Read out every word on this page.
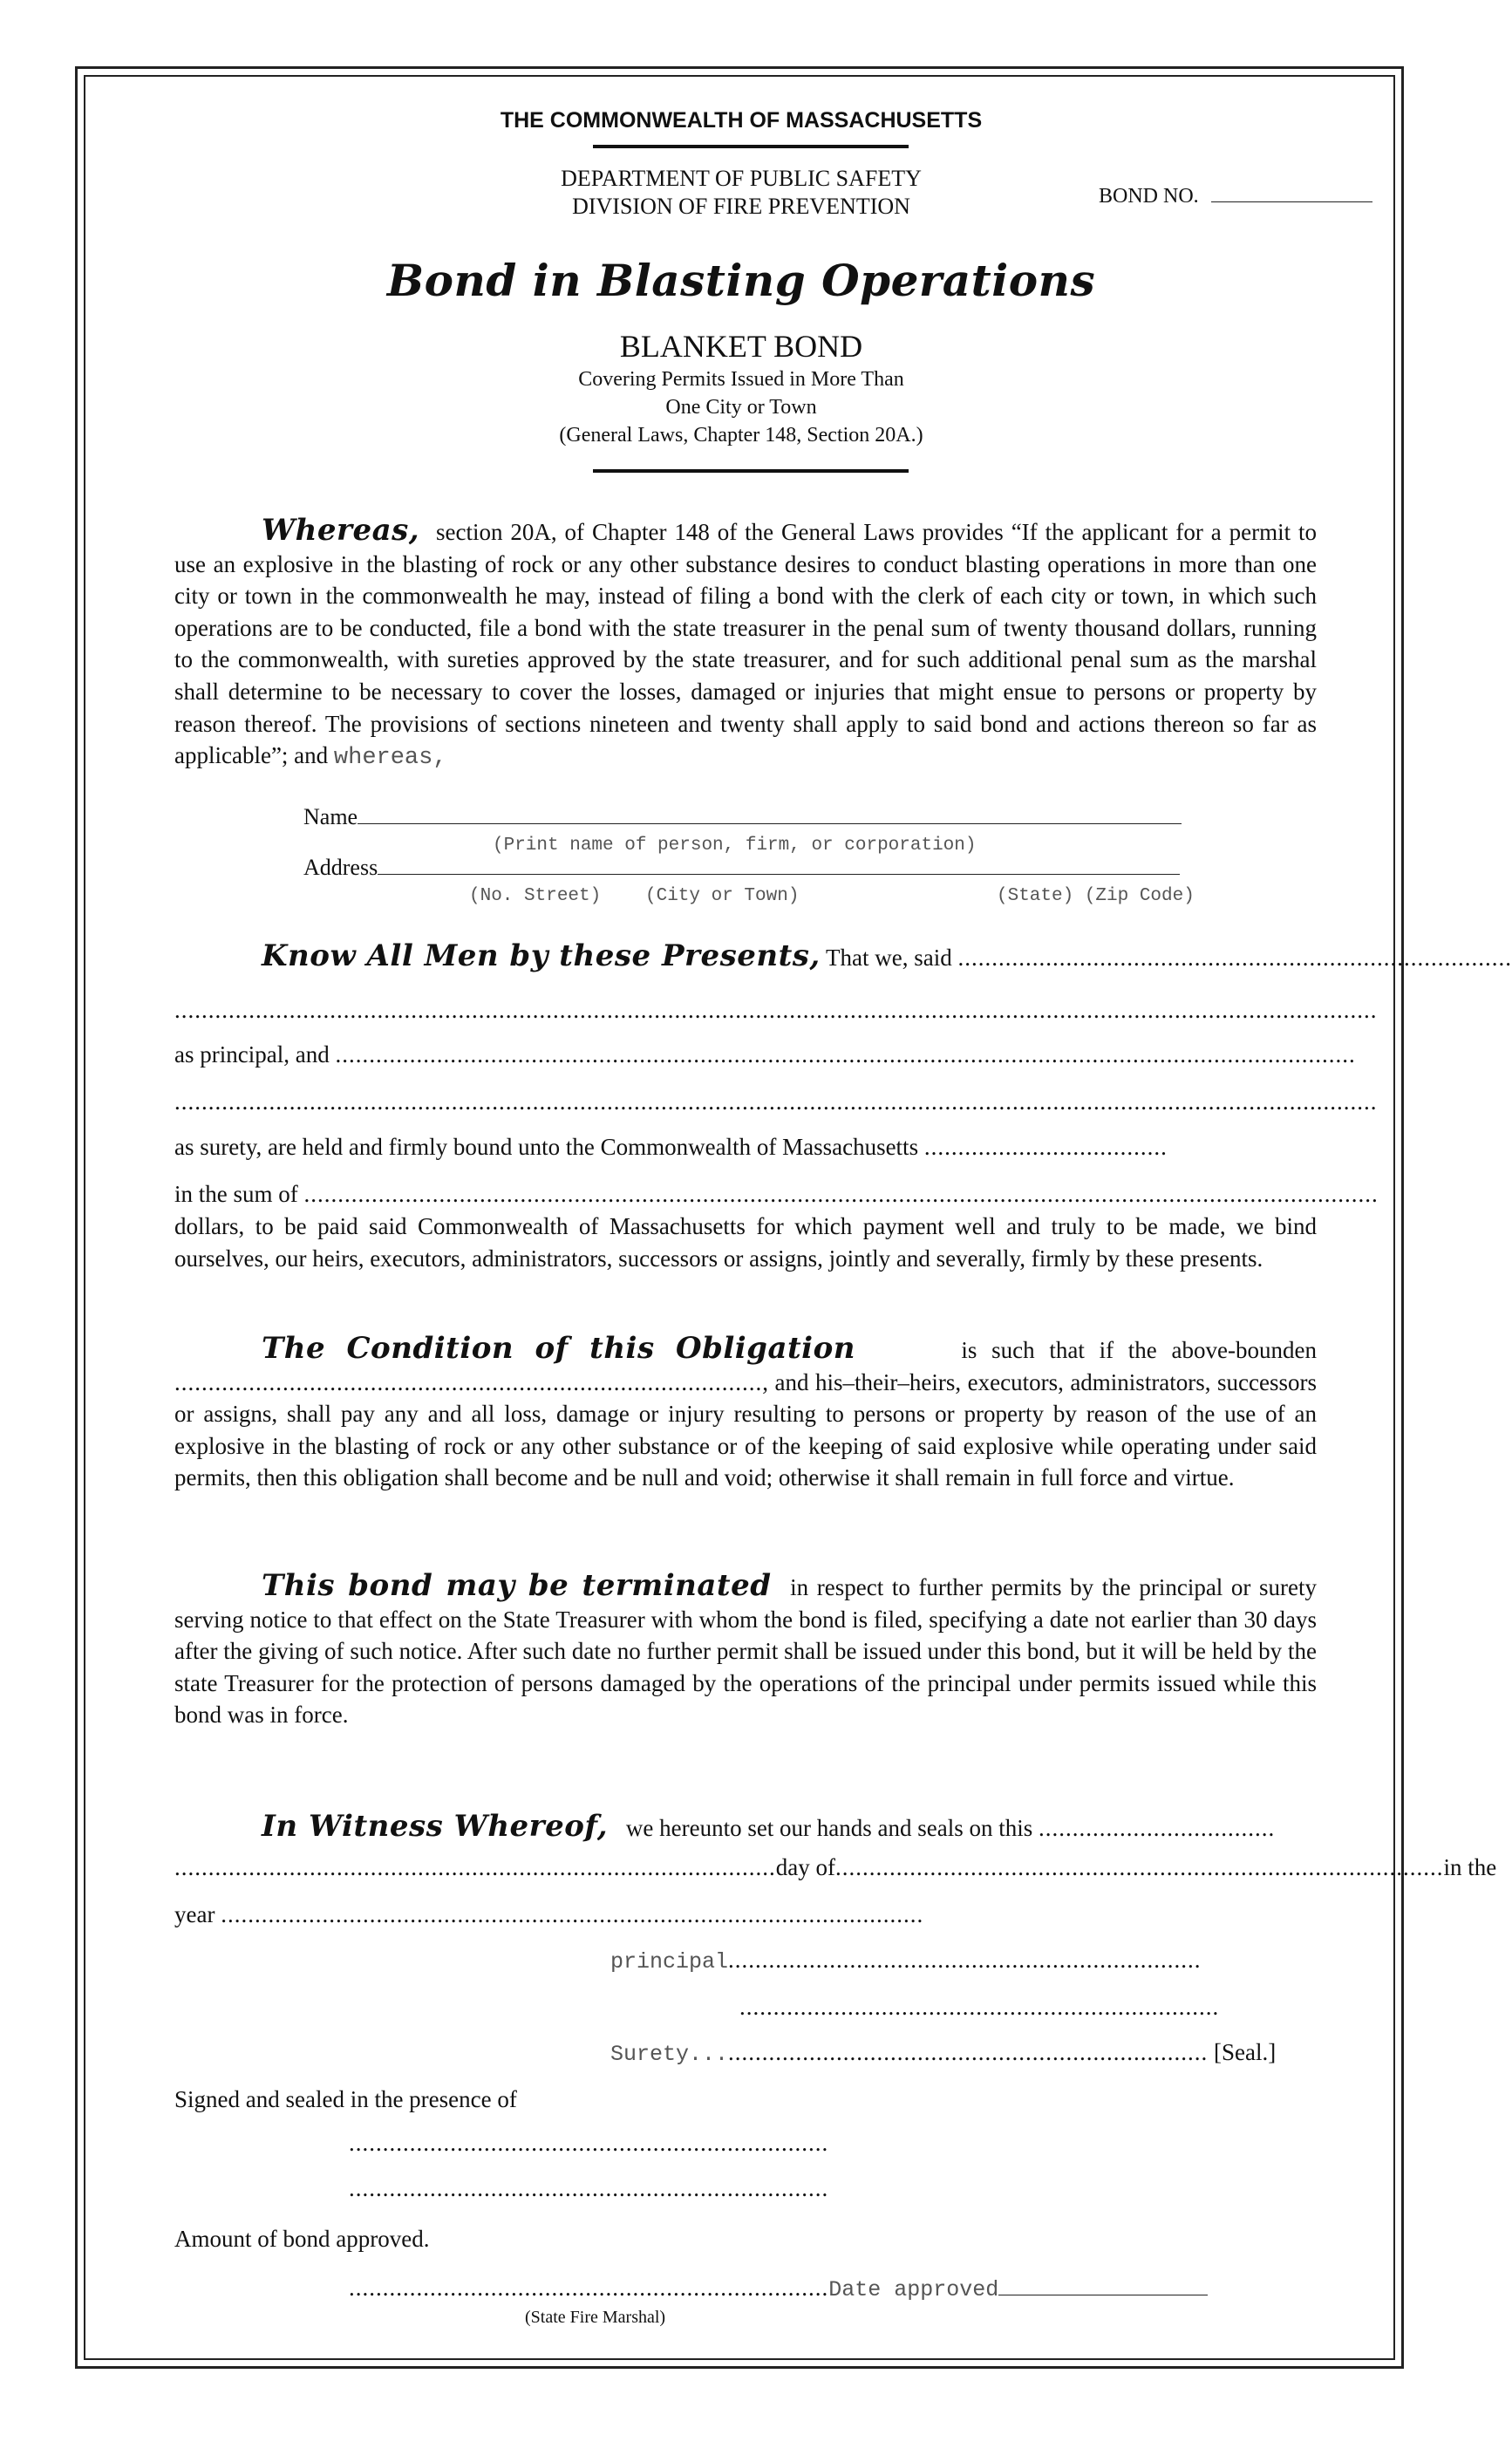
THE COMMONWEALTH OF MASSACHUSETTS
DEPARTMENT OF PUBLIC SAFETY
DIVISION OF FIRE PREVENTION	BOND NO.
Bond in Blasting Operations
BLANKET BOND
Covering Permits Issued in More Than
One City or Town
(General Laws, Chapter 148, Section 20A.)
Whereas, section 20A, of Chapter 148 of the General Laws provides “If the applicant for a permit to use an explosive in the blasting of rock or any other substance desires to conduct blasting operations in more than one city or town in the commonwealth he may, instead of filing a bond with the clerk of each city or town, in which such operations are to be conducted, file a bond with the state treasurer in the penal sum of twenty thousand dollars, running to the commonwealth, with sureties approved by the state treasurer, and for such additional penal sum as the marshal shall determine to be necessary to cover the losses, damaged or injuries that might ensue to persons or property by reason thereof. The provisions of sections nineteen and twenty shall apply to said bond and actions thereon so far as applicable”; and whereas,
Name
(Print name of person, firm, or corporation)
Address
(No. Street) (City or Town)	(State) (Zip Code)
Know All Men by these Presents, That we, said ..................................................................................
..................................................................................................................................................................................
as principal, and .......................................................................................................................................................
..................................................................................................................................................................................
as surety, are held and firmly bound unto the Commonwealth of Massachusetts ....................................
in the sum of ...............................................................................................................................................................
dollars, to be paid said Commonwealth of Massachusetts for which payment well and truly to be made, we bind ourselves, our heirs, executors, administrators, successors or assigns, jointly and severally, firmly by these presents.
The Condition of this Obligation	is such that if the above-bounden
......................................................................................., and his–their–heirs, executors, administrators, successors or assigns, shall pay any and all loss, damage or injury resulting to persons or property by reason of the use of an explosive in the blasting of rock or any other substance or of the keeping of said explosive while operating under said permits, then this obligation shall become and be null and void; otherwise it shall remain in full force and virtue.
This bond may be terminated in respect to further permits by the principal or surety serving notice to that effect on the State Treasurer with whom the bond is filed, specifying a date not earlier than 30 days after the giving of such notice. After such date no further permit shall be issued under this bond, but it will be held by the state Treasurer for the protection of persons damaged by the operations of the principal under permits issued while this bond was in force.
In Witness Whereof, we hereunto set our hands and seals on this ...................................
......................................................................................... day of .......................................................................................... in the
year ........................................................................................................
principal......................................................................
.......................................................................
Surety.......................................................................... [Seal.]
Signed and sealed in the presence of
.......................................................................
.......................................................................
Amount of bond approved.
.......................................................................Date approved
(State Fire Marshal)
